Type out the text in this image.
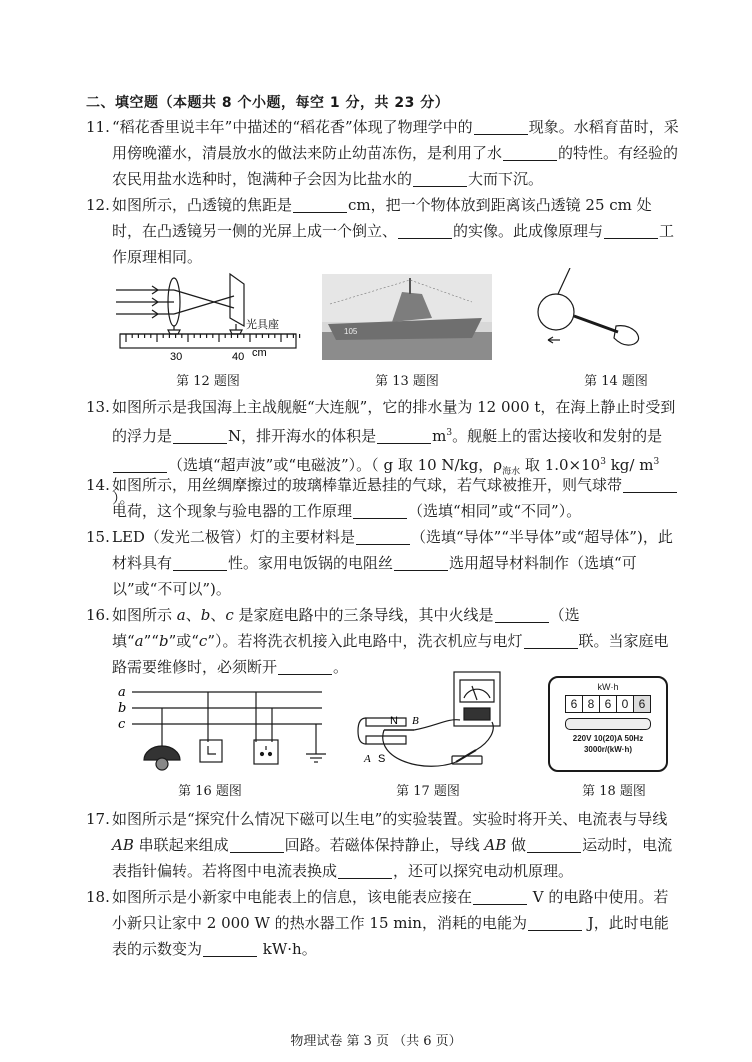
二、填空题（本题共 8 个小题，每空 1 分，共 23 分）
11. “稻花香里说丰年”中描述的“稻花香”体现了物理学中的	现象。水稻育苗时，采用傍晚灌水，清晨放水的做法来防止幼苗冻伤，是利用了水	的特性。有经验的农民用盐水选种时，饱满种子会因为比盐水的	大而下沉。
12. 如图所示，凸透镜的焦距是	cm，把一个物体放到距离该凸透镜 25 cm 处时，在凸透镜另一侧的光屏上成一个倒立、	的实像。此成像原理与	工作原理相同。
光具座
30	40 cm
第 12 题图
105
第 13 题图	第 14 题图
13. 如图所示是我国海上主战舰艇“大连舰”，它的排水量为 12 000 t，在海上静止时受到的浮力是	N，排开海水的体积是	$m^3$。舰艇上的雷达接收和发射的是（选填“超声波”或“电磁波”）。（ g 取 10 N/kg，$\rho_{海水}$ 取 $1.0\times 10^3$ kg/ $m^3$ ）。
14. 如图所示，用丝绸摩擦过的玻璃棒靠近悬挂的气球，若气球被推开，则气球带电荷，这个现象与验电器的工作原理	（选填“相同”或“不同”）。
15. LED（发光二极管）灯的主要材料是	（选填“导体”“半导体”或“超导体”)，此材料具有	性。家用电饭锅的电阻丝	选用超导材料制作（选填“可以”或“不可以”)。
16. 如图所示 a、b、c 是家庭电路中的三条导线，其中火线是	（选填“a”“b”或“c”）。若将洗衣机接入此电路中，洗衣机应与电灯	联。当家庭电路需要维修时，必须断开	。
a
b
c
第 16 题图
N B
A S
第 17 题图
kW·h
6 8 6 0 6
220V 10(20)A 50Hz
3000r/(kW·h)
第 18 题图
17. 如图所示是“探究什么情况下磁可以生电”的实验装置。实验时将开关、电流表与导线 AB 串联起来组成	回路。若磁体保持静止，导线 AB 做	运动时，电流表指针偏转。若将图中电流表换成	，还可以探究电动机原理。
18. 如图所示是小新家中电能表上的信息，该电能表应接在	V 的电路中使用。若小新只让家中 2 000 W 的热水器工作 15 min，消耗的电能为	J，此时电能表的示数变为	kW·h。
物理试卷 第 3 页 （共 6 页）
